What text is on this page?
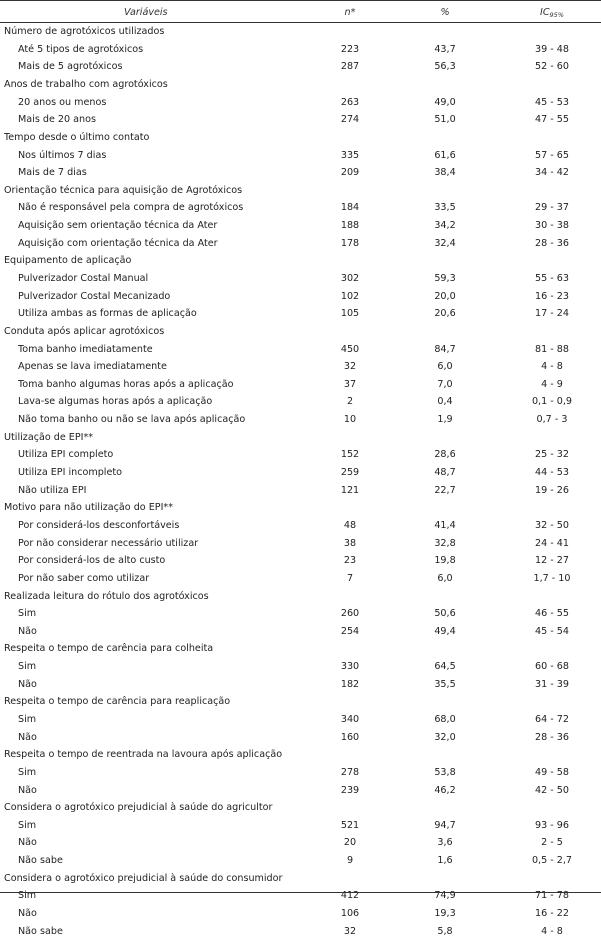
Variáveis	n*	%	$IC_{95\%}$
Número de agrotóxicos utilizados
Até 5 tipos de agrotóxicos	223	43,7	39 - 48
Mais de 5 agrotóxicos	287	56,3	52 - 60
Anos de trabalho com agrotóxicos
20 anos ou menos	263	49,0	45 - 53
Mais de 20 anos	274	51,0	47 - 55
Tempo desde o último contato
Nos últimos 7 dias	335	61,6	57 - 65
Mais de 7 dias	209	38,4	34 - 42
Orientação técnica para aquisição de Agrotóxicos
Não é responsável pela compra de agrotóxicos	184	33,5	29 - 37
Aquisição sem orientação técnica da Ater	188	34,2	30 - 38
Aquisição com orientação técnica da Ater	178	32,4	28 - 36
Equipamento de aplicação
Pulverizador Costal Manual	302	59,3	55 - 63
Pulverizador Costal Mecanizado	102	20,0	16 - 23
Utiliza ambas as formas de aplicação	105	20,6	17 - 24
Conduta após aplicar agrotóxicos
Toma banho imediatamente	450	84,7	81 - 88
Apenas se lava imediatamente	32	6,0	4 - 8
Toma banho algumas horas após a aplicação	37	7,0	4 - 9
Lava-se algumas horas após a aplicação	2	0,4	0,1 - 0,9
Não toma banho ou não se lava após aplicação	10	1,9	0,7 - 3
Utilização de EPI**
Utiliza EPI completo	152	28,6	25 - 32
Utiliza EPI incompleto	259	48,7	44 - 53
Não utiliza EPI	121	22,7	19 - 26
Motivo para não utilização do EPI**
Por considerá-los desconfortáveis	48	41,4	32 - 50
Por não considerar necessário utilizar	38	32,8	24 - 41
Por considerá-los de alto custo	23	19,8	12 - 27
Por não saber como utilizar	7	6,0	1,7 - 10
Realizada leitura do rótulo dos agrotóxicos
Sim	260	50,6	46 - 55
Não	254	49,4	45 - 54
Respeita o tempo de carência para colheita
Sim	330	64,5	60 - 68
Não	182	35,5	31 - 39
Respeita o tempo de carência para reaplicação
Sim	340	68,0	64 - 72
Não	160	32,0	28 - 36
Respeita o tempo de reentrada na lavoura após aplicação
Sim	278	53,8	49 - 58
Não	239	46,2	42 - 50
Considera o agrotóxico prejudicial à saúde do agricultor
Sim	521	94,7	93 - 96
Não	20	3,6	2 - 5
Não sabe	9	1,6	0,5 - 2,7
Considera o agrotóxico prejudicial à saúde do consumidor
Sim	412	74,9	71 - 78
Não	106	19,3	16 - 22
Não sabe	32	5,8	4 - 8
